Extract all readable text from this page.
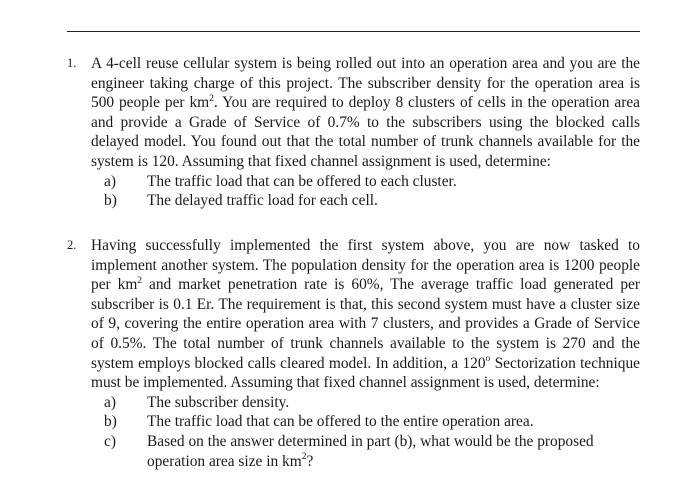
1. A 4-cell reuse cellular system is being rolled out into an operation area and you are the engineer taking charge of this project. The subscriber density for the operation area is 500 people per $km^2$. You are required to deploy 8 clusters of cells in the operation area and provide a Grade of Service of 0.7% to the subscribers using the blocked calls delayed model. You found out that the total number of trunk channels available for the system is 120. Assuming that fixed channel assignment is used, determine:
a) The traffic load that can be offered to each cluster.
b) The delayed traffic load for each cell.
2. Having successfully implemented the first system above, you are now tasked to implement another system. The population density for the operation area is 1200 people per $km^2$ and market penetration rate is 60%, The average traffic load generated per subscriber is 0.1 Er. The requirement is that, this second system must have a cluster size of 9, covering the entire operation area with 7 clusters, and provides a Grade of Service of 0.5%. The total number of trunk channels available to the system is 270 and the system employs blocked calls cleared model. In addition, a 120$^o$ Sectorization technique must be implemented. Assuming that fixed channel assignment is used, determine:
a) The subscriber density.
b) The traffic load that can be offered to the entire operation area.
c) Based on the answer determined in part (b), what would be the proposed operation area size in $km^2$?
